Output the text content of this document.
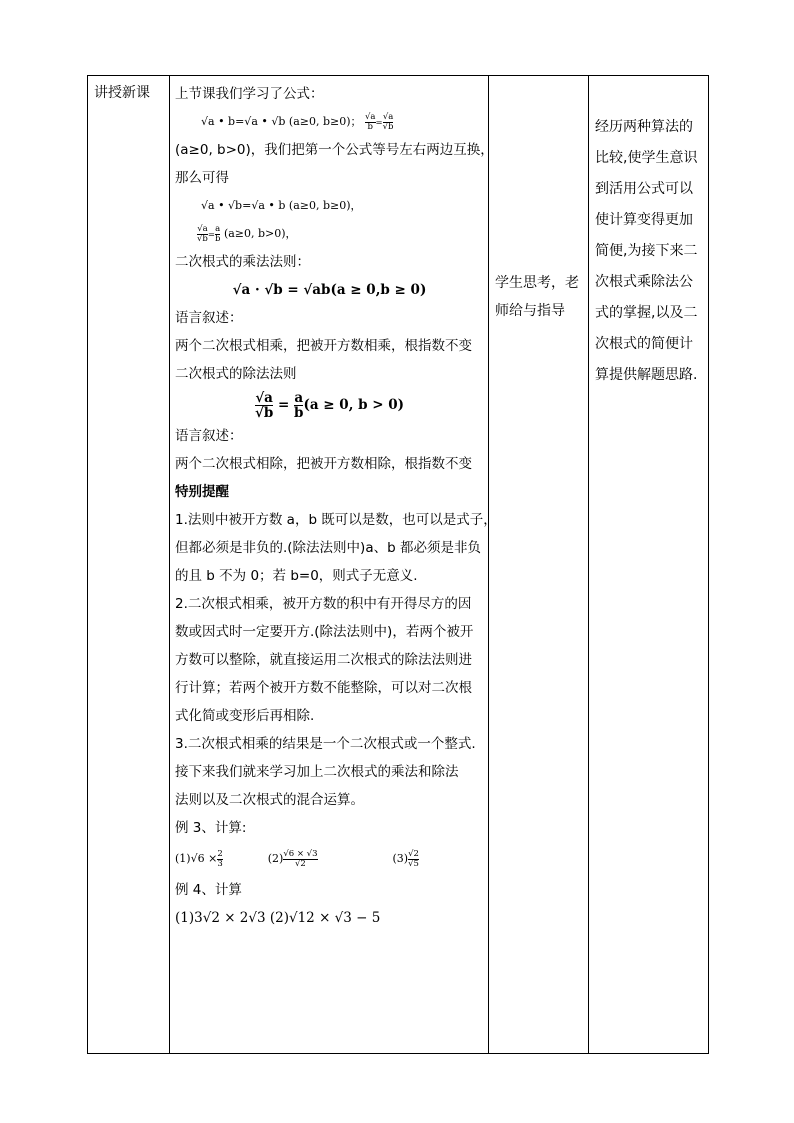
讲授新课	上节课我们学习了公式：
√a • b=√a • √b (a≥0, b≥0)； $\frac{√a}{b} = \frac{√a}{√b}$
(a≥0, b>0)，我们把第一个公式等号左右两边互换，
那么可得
√a • √b=√a • b (a≥0, b≥0)，
$\frac{√a}{√b} = \frac{a}{b} (a\ge 0$, b>0)，
二次根式的乘法法则：
√a · √b = √ab(a ≥ 0,b ≥ 0)
语言叙述：
两个二次根式相乘，把被开方数相乘，根指数不变
二次根式的除法法则
$\frac{√a}{√b} = \frac{a}{b} (a \ge 0$, b > 0)
语言叙述：
两个二次根式相除，把被开方数相除，根指数不变
特别提醒
1.法则中被开方数 a，b 既可以是数，也可以是式子，
但都必须是非负的.(除法法则中)a、b 都必须是非负
的且 b 不为 0；若 b=0，则式子无意义.
2.二次根式相乘，被开方数的积中有开得尽方的因
数或因式时一定要开方.(除法法则中)，若两个被开
方数可以整除，就直接运用二次根式的除法法则进
行计算；若两个被开方数不能整除，可以对二次根
式化简或变形后再相除.
3.二次根式相乘的结果是一个二次根式或一个整式.
接下来我们就来学习加上二次根式的乘法和除法
法则以及二次根式的混合运算。
例 3、计算:
$(1)√6 \times \frac{2}{3}$	$(2) \frac{√6 \times √3}{√2}$	$(3) \frac{√2}{√5}$
例 4、计算
(1)3√2 × 2√3 (2)√12 × √3 − 5

学生思考，老
师给与指导

经历两种算法的
比较,使学生意识
到活用公式可以
使计算变得更加
简便,为接下来二
次根式乘除法公
式的掌握,以及二
次根式的简便计
算提供解题思路.
